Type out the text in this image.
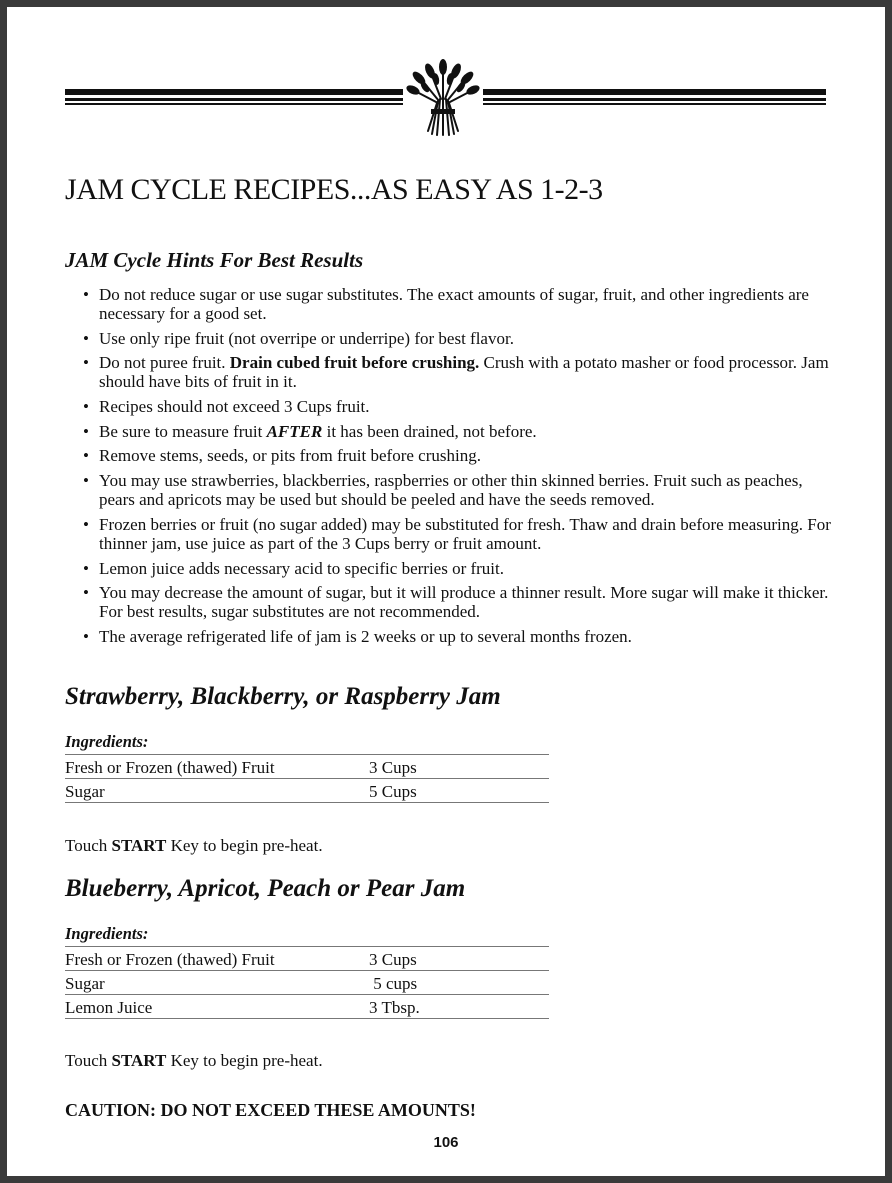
JAM CYCLE RECIPES...AS EASY AS 1-2-3
JAM Cycle Hints For Best Results
• Do not reduce sugar or use sugar substitutes. The exact amounts of sugar, fruit, and other ingredients are necessary for a good set.
• Use only ripe fruit (not overripe or underripe) for best flavor.
• Do not puree fruit. Drain cubed fruit before crushing. Crush with a potato masher or food processor. Jam should have bits of fruit in it.
• Recipes should not exceed 3 Cups fruit.
• Be sure to measure fruit AFTER it has been drained, not before.
• Remove stems, seeds, or pits from fruit before crushing.
• You may use strawberries, blackberries, raspberries or other thin skinned berries. Fruit such as peaches, pears and apricots may be used but should be peeled and have the seeds removed.
• Frozen berries or fruit (no sugar added) may be substituted for fresh. Thaw and drain before measuring. For thinner jam, use juice as part of the 3 Cups berry or fruit amount.
• Lemon juice adds necessary acid to specific berries or fruit.
• You may decrease the amount of sugar, but it will produce a thinner result. More sugar will make it thicker. For best results, sugar substitutes are not recommended.
• The average refrigerated life of jam is 2 weeks or up to several months frozen.
Strawberry, Blackberry, or Raspberry Jam
Ingredients:
Fresh or Frozen (thawed) Fruit	3 Cups
Sugar	5 Cups
Touch START Key to begin pre-heat.
Blueberry, Apricot, Peach or Pear Jam
Ingredients:
Fresh or Frozen (thawed) Fruit	3 Cups
Sugar	5 cups
Lemon Juice	3 Tbsp.
Touch START Key to begin pre-heat.
CAUTION: DO NOT EXCEED THESE AMOUNTS!
106
